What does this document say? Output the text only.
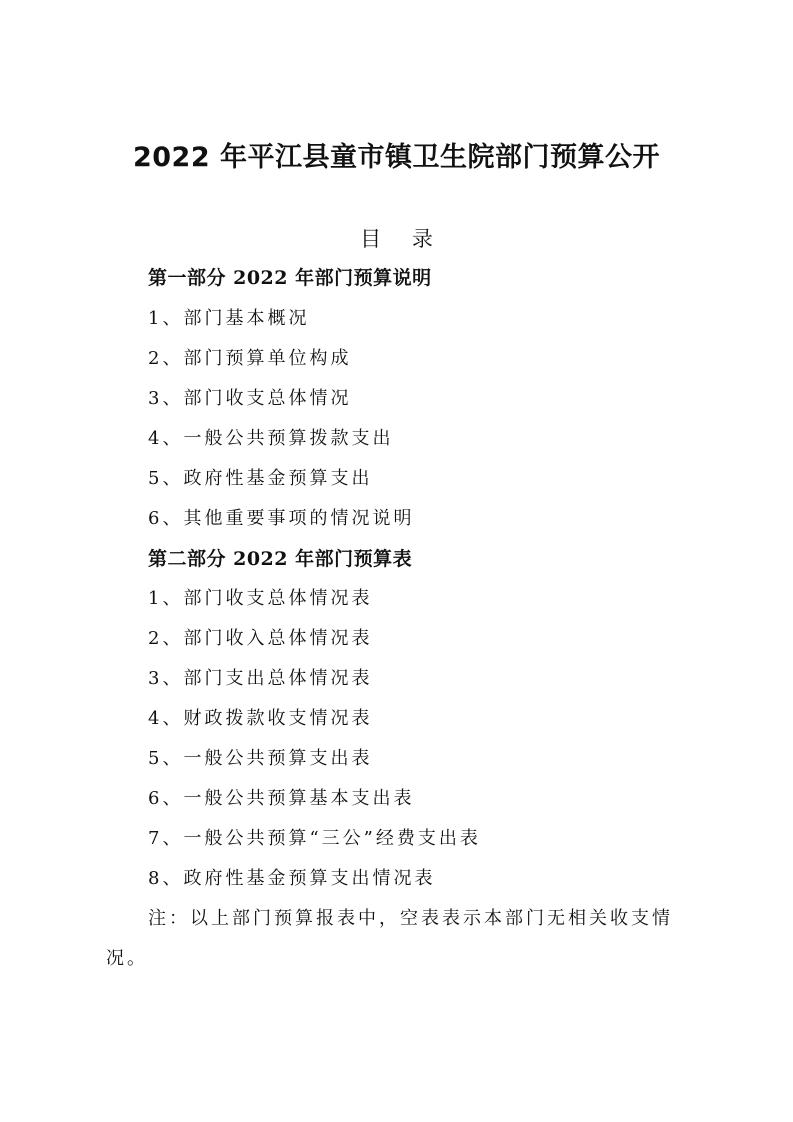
2022 年平江县童市镇卫生院部门预算公开
目 录
第一部分 2022 年部门预算说明
1、部门基本概况
2、部门预算单位构成
3、部门收支总体情况
4、一般公共预算拨款支出
5、政府性基金预算支出
6、其他重要事项的情况说明
第二部分 2022 年部门预算表
1、部门收支总体情况表
2、部门收入总体情况表
3、部门支出总体情况表
4、财政拨款收支情况表
5、一般公共预算支出表
6、一般公共预算基本支出表
7、一般公共预算“三公”经费支出表
8、政府性基金预算支出情况表
注：以上部门预算报表中，空表表示本部门无相关收支情
况。
